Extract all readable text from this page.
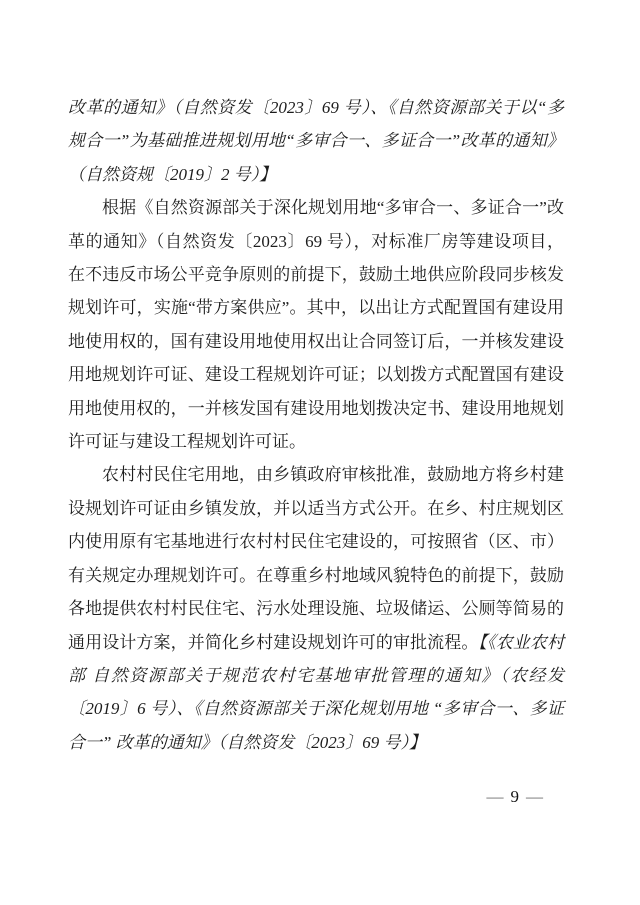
改革的通知》（自然资发〔2023〕69 号）、《自然资源部关于以“多规合一”为基础推进规划用地“多审合一、多证合一”改革的通知》（自然资规〔2019〕2 号）】

根据《自然资源部关于深化规划用地“多审合一、多证合一”改革的通知》（自然资发〔2023〕69 号），对标准厂房等建设项目，在不违反市场公平竞争原则的前提下，鼓励土地供应阶段同步核发规划许可，实施“带方案供应”。其中，以出让方式配置国有建设用地使用权的，国有建设用地使用权出让合同签订后，一并核发建设用地规划许可证、建设工程规划许可证；以划拨方式配置国有建设用地使用权的，一并核发国有建设用地划拨决定书、建设用地规划许可证与建设工程规划许可证。

农村村民住宅用地，由乡镇政府审核批准，鼓励地方将乡村建设规划许可证由乡镇发放，并以适当方式公开。在乡、村庄规划区内使用原有宅基地进行农村村民住宅建设的，可按照省（区、市）有关规定办理规划许可。在尊重乡村地域风貌特色的前提下，鼓励各地提供农村村民住宅、污水处理设施、垃圾储运、公厕等简易的通用设计方案，并简化乡村建设规划许可的审批流程。【《农业农村部 自然资源部关于规范农村宅基地审批管理的通知》（农经发〔2019〕6 号）、《自然资源部关于深化规划用地 “多审合一、多证合一” 改革的通知》（自然资发〔2023〕69 号）】

— 9 —
